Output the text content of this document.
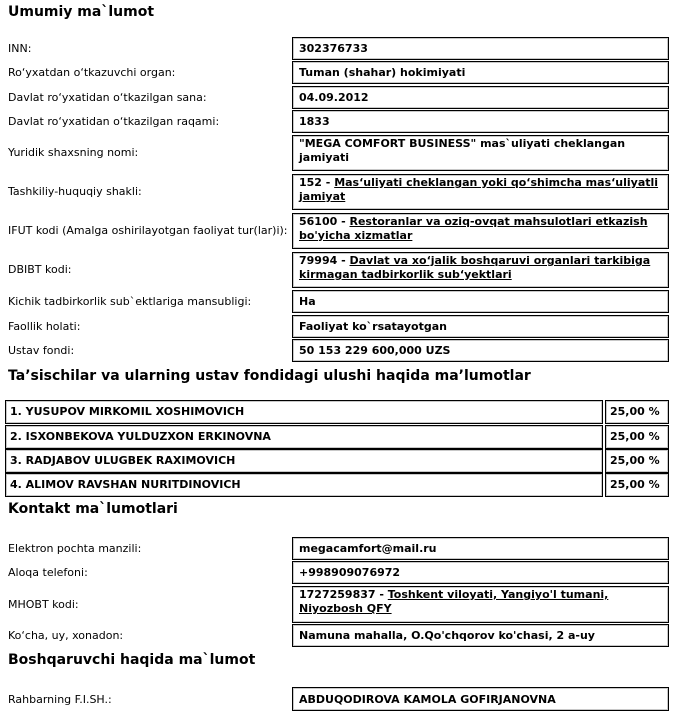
Umumiy ma`lumot
INN:	302376733
Ro‘yxatdan o‘tkazuvchi organ:	Tuman (shahar) hokimiyati
Davlat ro‘yxatidan o‘tkazilgan sana:	04.09.2012
Davlat ro‘yxatidan o‘tkazilgan raqami:	1833
Yuridik shaxsning nomi:
"MEGA COMFORT BUSINESS" mas`uliyati cheklangan jamiyati
Tashkiliy-huquqiy shakli:
152 - Mas‘uliyati cheklangan yoki qo‘shimcha mas‘uliyatli jamiyat
IFUT kodi (Amalga oshirilayotgan faoliyat tur(lar)i):
56100 - Restoranlar va oziq-ovqat mahsulotlari etkazish bo'yicha xizmatlar
DBIBT kodi:
79994 - Davlat va xo‘jalik boshqaruvi organlari tarkibiga kirmagan tadbirkorlik sub‘yektlari
Kichik tadbirkorlik sub`ektlariga mansubligi:	Ha
Faollik holati:	Faoliyat ko`rsatayotgan
Ustav fondi:	50 153 229 600,000 UZS
Ta’sischilar va ularning ustav fondidagi ulushi haqida ma’lumotlar
1. YUSUPOV MIRKOMIL XOSHIMOVICH	25,00 %
2. ISXONBEKOVA YULDUZXON ERKINOVNA	25,00 %
3. RADJABOV ULUGBEK RAXIMOVICH	25,00 %
4. ALIMOV RAVSHAN NURITDINOVICH	25,00 %
Kontakt ma`lumotlari
Elektron pochta manzili:	megacamfort@mail.ru
Aloqa telefoni:	+998909076972
MHOBT kodi:
1727259837 - Toshkent viloyati, Yangiyo'l tumani, Niyozbosh QFY
Ko‘cha, uy, xonadon:	Namuna mahalla, O.Qo'chqorov ko'chasi, 2 a-uy
Boshqaruvchi haqida ma`lumot
Rahbarning F.I.SH.:	ABDUQODIROVA KAMOLA GOFIRJANOVNA
